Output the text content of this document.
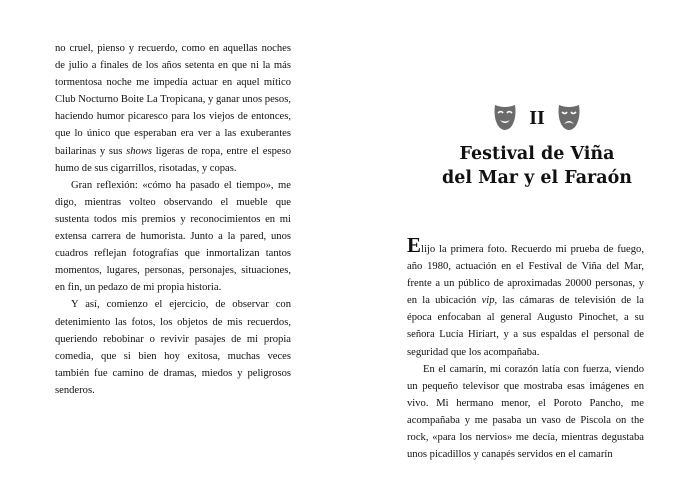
no cruel, pienso y recuerdo, como en aquellas noches de julio a finales de los años setenta en que ni la más tormentosa noche me impedía actuar en aquel mítico Club Nocturno Boite La Tropicana, y ganar unos pesos, haciendo humor picaresco para los viejos de entonces, que lo único que esperaban era ver a las exuberantes bailarinas y sus shows ligeras de ropa, entre el espeso humo de sus cigarrillos, risotadas, y copas.

Gran reflexión: «cómo ha pasado el tiempo», me digo, mientras volteo observando el mueble que sustenta todos mis premios y reconocimientos en mi extensa carrera de humorista. Junto a la pared, unos cuadros reflejan fotografías que inmortalizan tantos momentos, lugares, personas, personajes, situaciones, en fin, un pedazo de mi propia historia.

Y así, comienzo el ejercicio, de observar con detenimiento las fotos, los objetos de mis recuerdos, queriendo rebobinar o revivir pasajes de mi propia comedia, que si bien hoy exitosa, muchas veces también fue camino de dramas, miedos y peligrosos senderos.

II
Festival de Viña
del Mar y el Faraón

Elijo la primera foto. Recuerdo mi prueba de fuego, año 1980, actuación en el Festival de Viña del Mar, frente a un público de aproximadas 20000 personas, y en la ubicación vip, las cámaras de televisión de la época enfocaban al general Augusto Pinochet, a su señora Lucía Hiriart, y a sus espaldas el personal de seguridad que los acompañaba.

En el camarín, mi corazón latía con fuerza, viendo un pequeño televisor que mostraba esas imágenes en vivo. Mi hermano menor, el Poroto Pancho, me acompañaba y me pasaba un vaso de Piscola on the rock, «para los nervios» me decía, mientras degustaba unos picadillos y canapés servidos en el camarín
